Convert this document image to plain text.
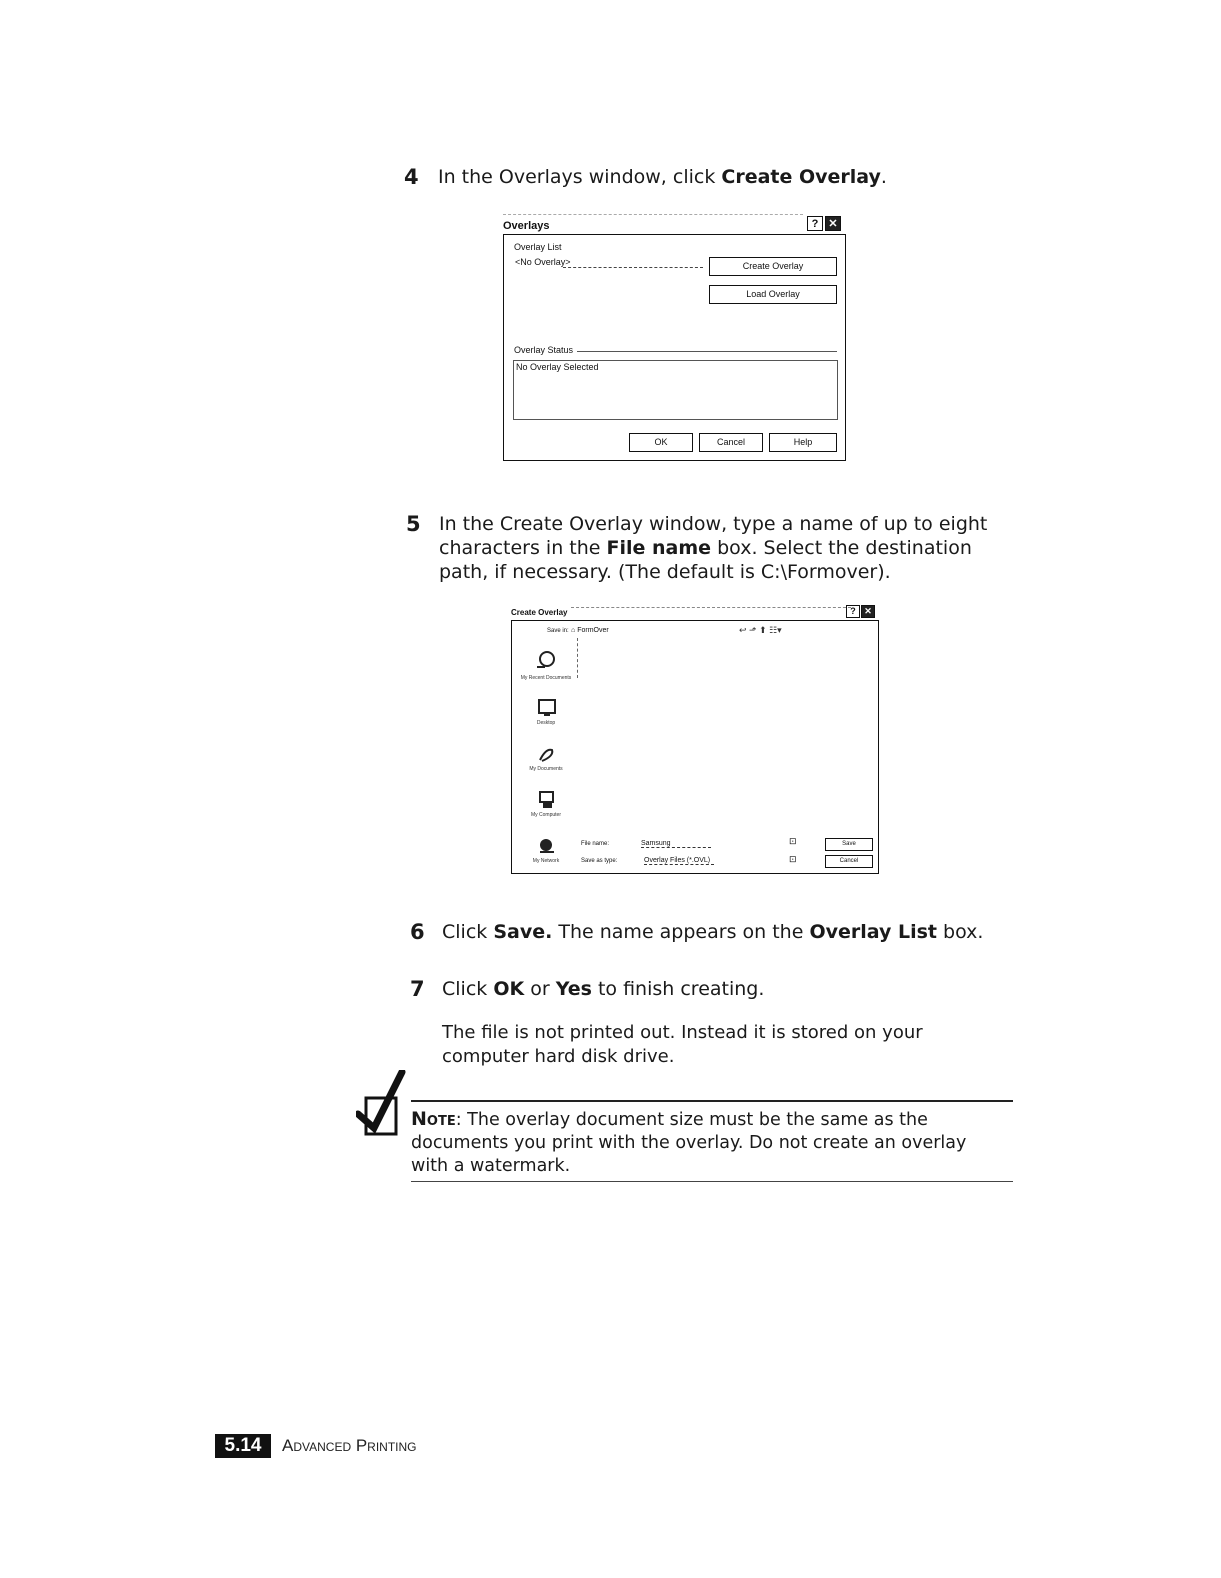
4 In the Overlays window, click Create Overlay.
Overlays	? ✕
Overlay List
<No Overlay>	Create Overlay
Load Overlay
Overlay Status
No Overlay Selected
OK	Cancel	Help
5 In the Create Overlay window, type a name of up to eight
characters in the File name box. Select the destination
path, if necessary. (The default is C:\Formover).
Create Overlay	? ✕
Save in: ⌂ FormOver	↩ ⬏ ⬆ ☷▾
My Recent Documents
Desktop
My Documents
My Computer
My Network
File name:	Samsung
Save as type:	Overlay Files (*.OVL)
⊡
⊡
Save
Cancel
6 Click Save. The name appears on the Overlay List box.
7 Click OK or Yes to finish creating.
The file is not printed out. Instead it is stored on your
computer hard disk drive.
Note: The overlay document size must be the same as the
documents you print with the overlay. Do not create an overlay
with a watermark.
5.14	Advanced Printing
